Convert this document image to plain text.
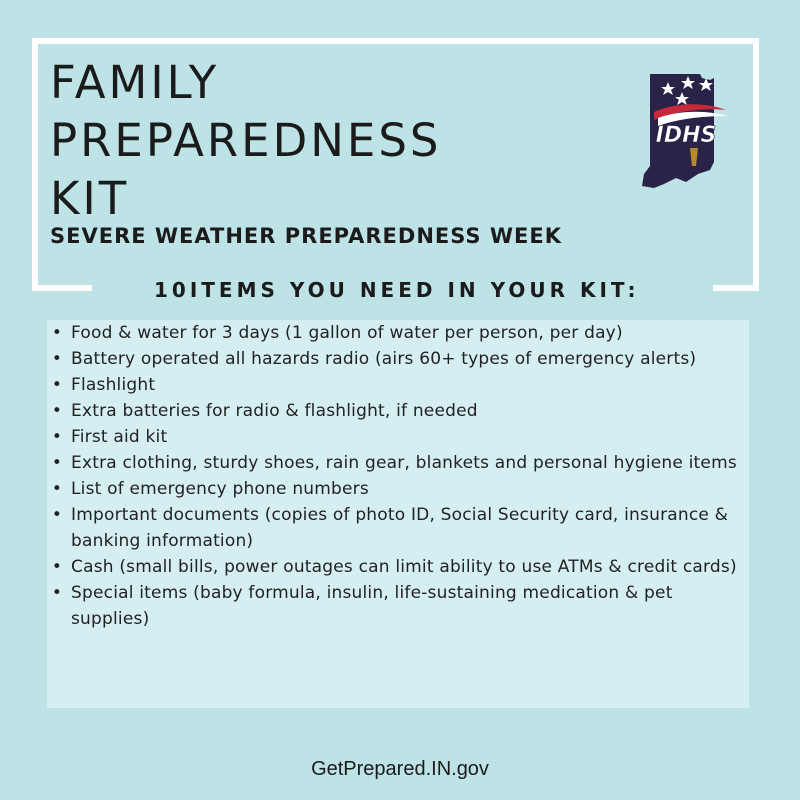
FAMILY
PREPAREDNESS
KIT
SEVERE WEATHER PREPAREDNESS WEEK
IDHS
10ITEMS YOU NEED IN YOUR KIT:
• Food & water for 3 days (1 gallon of water per person, per day)
• Battery operated all hazards radio (airs 60+ types of emergency alerts)
• Flashlight
• Extra batteries for radio & flashlight, if needed
• First aid kit
• Extra clothing, sturdy shoes, rain gear, blankets and personal hygiene items
• List of emergency phone numbers
• Important documents (copies of photo ID, Social Security card, insurance & banking information)
• Cash (small bills, power outages can limit ability to use ATMs & credit cards)
• Special items (baby formula, insulin, life-sustaining medication & pet supplies)
GetPrepared.IN.gov
